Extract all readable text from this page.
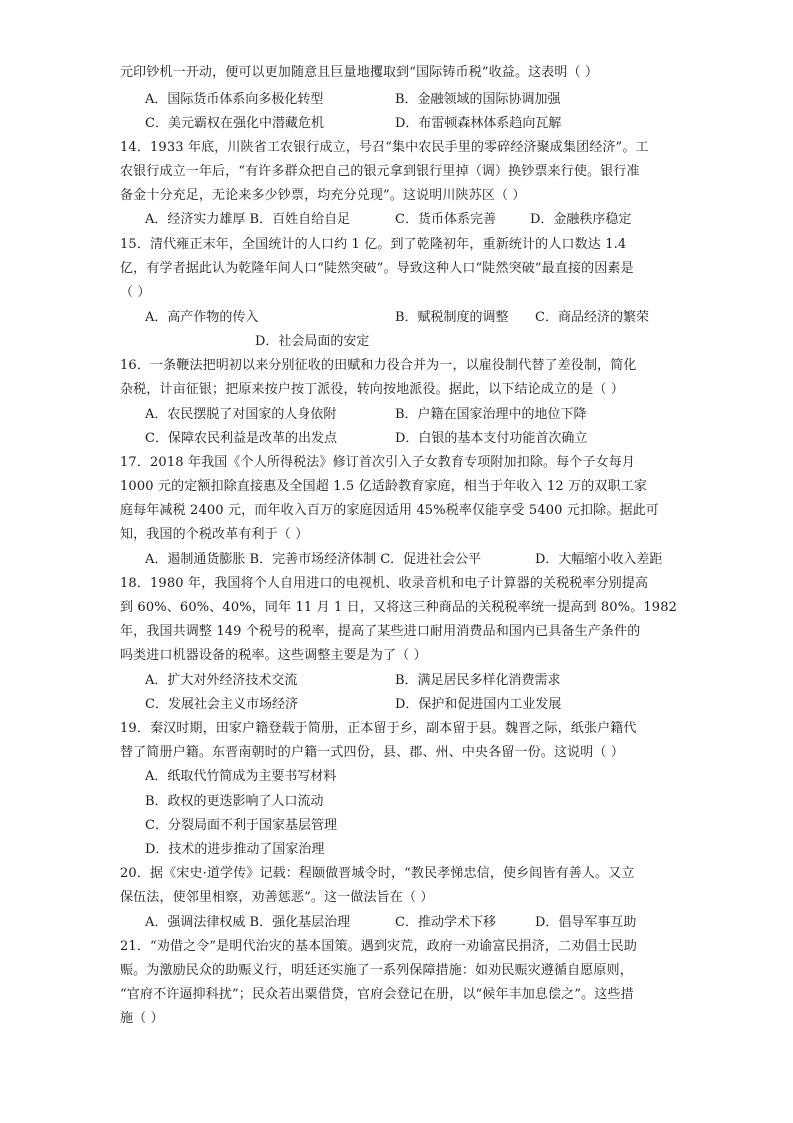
元印钞机一开动，便可以更加随意且巨量地攫取到“国际铸币税”收益。这表明（ ）
A．国际货币体系向多极化转型	B．金融领域的国际协调加强
C．美元霸权在强化中潜藏危机	D．布雷顿森林体系趋向瓦解
14．1933 年底，川陕省工农银行成立，号召“集中农民手里的零碎经济聚成集团经济”。工
农银行成立一年后，“有许多群众把自己的银元拿到银行里掉（调）换钞票来行使。银行准
备金十分充足，无论来多少钞票，均充分兑现”。这说明川陕苏区（ ）
A．经济实力雄厚 B．百姓自给自足	C．货币体系完善	D．金融秩序稳定
15．清代雍正末年，全国统计的人口约 1 亿。到了乾隆初年，重新统计的人口数达 1.4
亿，有学者据此认为乾隆年间人口“陡然突破”。导致这种人口“陡然突破”最直接的因素是
（ ）
A．高产作物的传入	B．赋税制度的调整 C．商品经济的繁荣
D．社会局面的安定
16．一条鞭法把明初以来分别征收的田赋和力役合并为一，以雇役制代替了差役制，简化
杂税，计亩征银；把原来按户按丁派役，转向按地派役。据此，以下结论成立的是（ ）
A．农民摆脱了对国家的人身依附	B．户籍在国家治理中的地位下降
C．保障农民利益是改革的出发点	D．白银的基本支付功能首次确立
17．2018 年我国《个人所得税法》修订首次引入子女教育专项附加扣除。每个子女每月
1000 元的定额扣除直接惠及全国超 1.5 亿适龄教育家庭，相当于年收入 12 万的双职工家
庭每年减税 2400 元，而年收入百万的家庭因适用 45%税率仅能享受 5400 元扣除。据此可
知，我国的个税改革有利于（ ）
A．遏制通货膨胀 B．完善市场经济体制 C．促进社会公平	D．大幅缩小收入差距
18．1980 年，我国将个人自用进口的电视机、收录音机和电子计算器的关税税率分别提高
到 60%、60%、40%，同年 11 月 1 日，又将这三种商品的关税税率统一提高到 80%。1982
年，我国共调整 149 个税号的税率，提高了某些进口耐用消费品和国内已具备生产条件的
吗类进口机器设备的税率。这些调整主要是为了（ ）
A．扩大对外经济技术交流	B．满足居民多样化消费需求
C．发展社会主义市场经济	D．保护和促进国内工业发展
19．秦汉时期，田家户籍登载于简册，正本留于乡，副本留于县。魏晋之际，纸张户籍代
替了简册户籍。东晋南朝时的户籍一式四份，县、郡、州、中央各留一份。这说明（ ）
A．纸取代竹简成为主要书写材料
B．政权的更迭影响了人口流动
C．分裂局面不利于国家基层管理
D．技术的进步推动了国家治理
20．据《宋史·道学传》记载：程颐做晋城令时，“教民孝悌忠信，使乡闾皆有善人。又立
保伍法，使邻里相察，劝善惩恶”。这一做法旨在（ ）
A．强调法律权威 B．强化基层治理	C．推动学术下移	D．倡导军事互助
21．“劝借之令”是明代治灾的基本国策。遇到灾荒，政府一劝谕富民捐济，二劝倡士民助
赈。为激励民众的助赈义行，明廷还实施了一系列保障措施：如劝民赈灾遵循自愿原则，
“官府不许逼抑科扰”；民众若出粟借贷，官府会登记在册，以“候年丰加息偿之”。这些措
施（ ）
